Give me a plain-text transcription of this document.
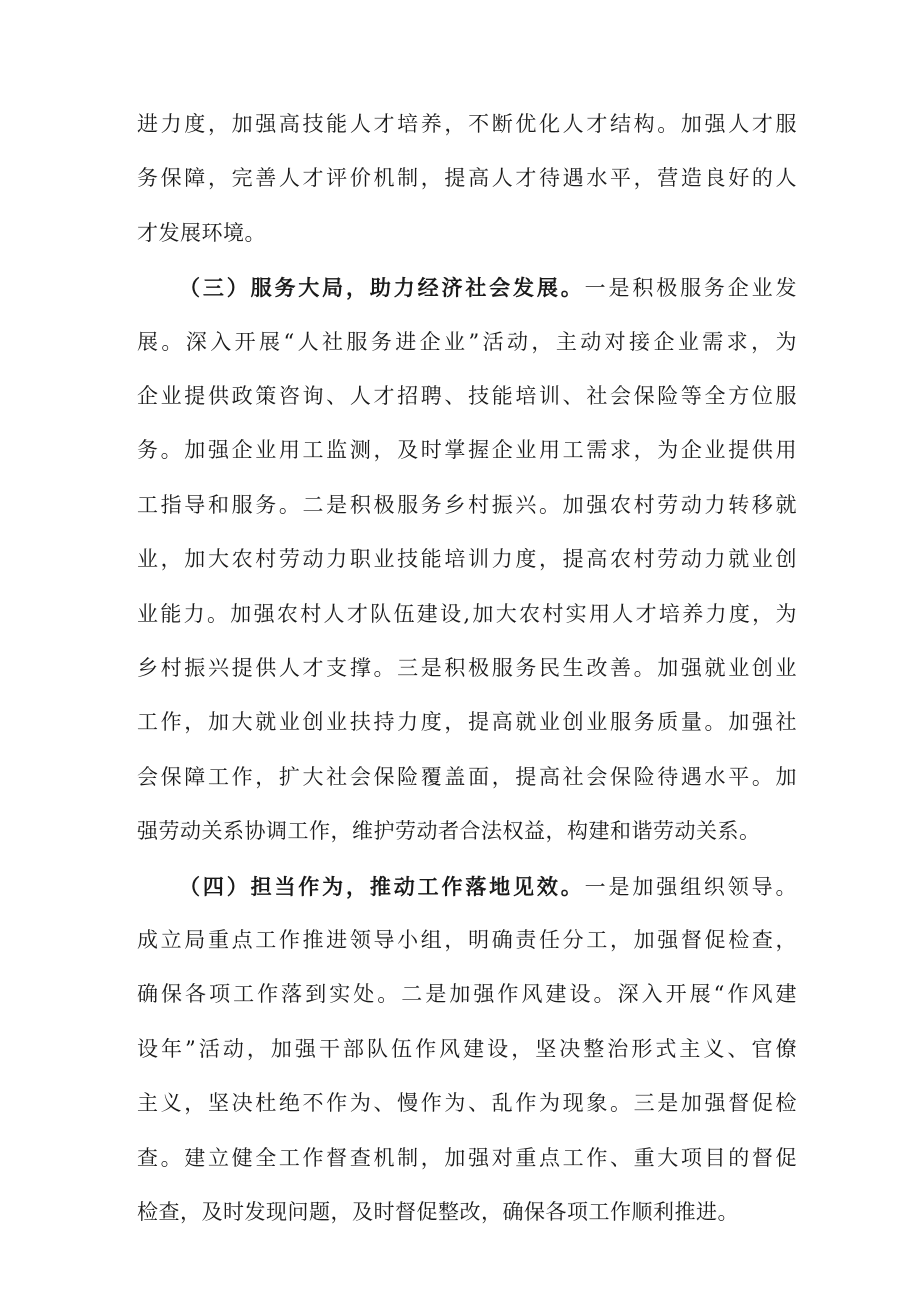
进力度，加强高技能人才培养，不断优化人才结构。加强人才服
务保障，完善人才评价机制，提高人才待遇水平，营造良好的人
才发展环境。
（三）服务大局，助力经济社会发展。一是积极服务企业发
展。深入开展“人社服务进企业”活动，主动对接企业需求，为
企业提供政策咨询、人才招聘、技能培训、社会保险等全方位服
务。加强企业用工监测，及时掌握企业用工需求，为企业提供用
工指导和服务。二是积极服务乡村振兴。加强农村劳动力转移就
业，加大农村劳动力职业技能培训力度，提高农村劳动力就业创
业能力。加强农村人才队伍建设,加大农村实用人才培养力度，为
乡村振兴提供人才支撑。三是积极服务民生改善。加强就业创业
工作，加大就业创业扶持力度，提高就业创业服务质量。加强社
会保障工作，扩大社会保险覆盖面，提高社会保险待遇水平。加
强劳动关系协调工作，维护劳动者合法权益，构建和谐劳动关系。
（四）担当作为，推动工作落地见效。一是加强组织领导。
成立局重点工作推进领导小组，明确责任分工，加强督促检查，
确保各项工作落到实处。二是加强作风建设。深入开展“作风建
设年”活动，加强干部队伍作风建设，坚决整治形式主义、官僚
主义，坚决杜绝不作为、慢作为、乱作为现象。三是加强督促检
查。建立健全工作督查机制，加强对重点工作、重大项目的督促
检查，及时发现问题，及时督促整改，确保各项工作顺利推进。
